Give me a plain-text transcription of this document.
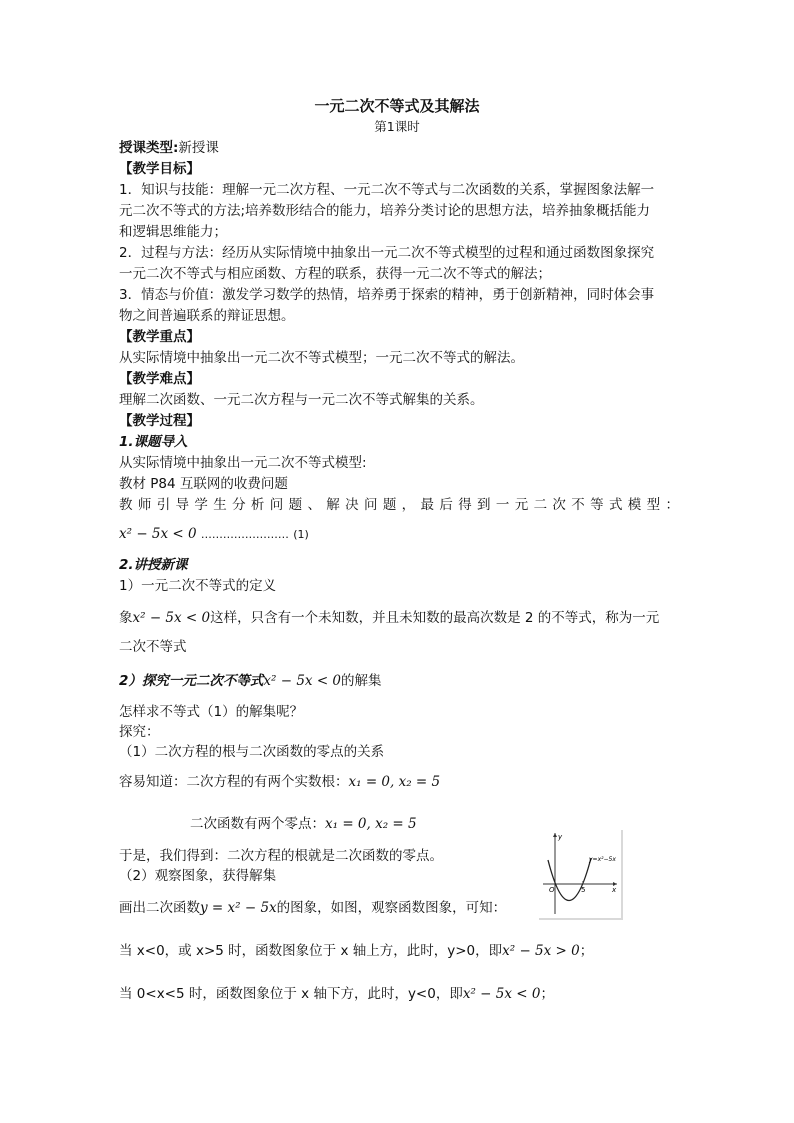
一元二次不等式及其解法
第1课时
授课类型:新授课
【教学目标】
1．知识与技能：理解一元二次方程、一元二次不等式与二次函数的关系，掌握图象法解一
元二次不等式的方法;培养数形结合的能力，培养分类讨论的思想方法，培养抽象概括能力
和逻辑思维能力；
2．过程与方法：经历从实际情境中抽象出一元二次不等式模型的过程和通过函数图象探究
一元二次不等式与相应函数、方程的联系，获得一元二次不等式的解法；
3．情态与价值：激发学习数学的热情，培养勇于探索的精神，勇于创新精神，同时体会事
物之间普遍联系的辩证思想。
【教学重点】
从实际情境中抽象出一元二次不等式模型；一元二次不等式的解法。
【教学难点】
理解二次函数、一元二次方程与一元二次不等式解集的关系。
【教学过程】
1.课题导入
从实际情境中抽象出一元二次不等式模型:
教材 P84 互联网的收费问题
教师引导学生分析问题、解决问题，最后得到一元二次不等式模型：
x² − 5x < 0 …………………… (1)
2.讲授新课
1）一元二次不等式的定义
象x² − 5x < 0这样，只含有一个未知数，并且未知数的最高次数是 2 的不等式，称为一元
二次不等式
2）探究一元二次不等式x² − 5x < 0的解集
怎样求不等式（1）的解集呢？
探究：
（1）二次方程的根与二次函数的零点的关系
容易知道：二次方程的有两个实数根：x₁ = 0, x₂ = 5
二次函数有两个零点：x₁ = 0, x₂ = 5
于是，我们得到：二次方程的根就是二次函数的零点。
（2）观察图象，获得解集
画出二次函数y = x² − 5x的图象，如图，观察函数图象，可知：
当 x<0，或 x>5 时，函数图象位于 x 轴上方，此时，y>0，即x² − 5x > 0；
当 0<x<5 时，函数图象位于 x 轴下方，此时，y<0，即x² − 5x < 0；
O	5	x
y
y=x²−5x
